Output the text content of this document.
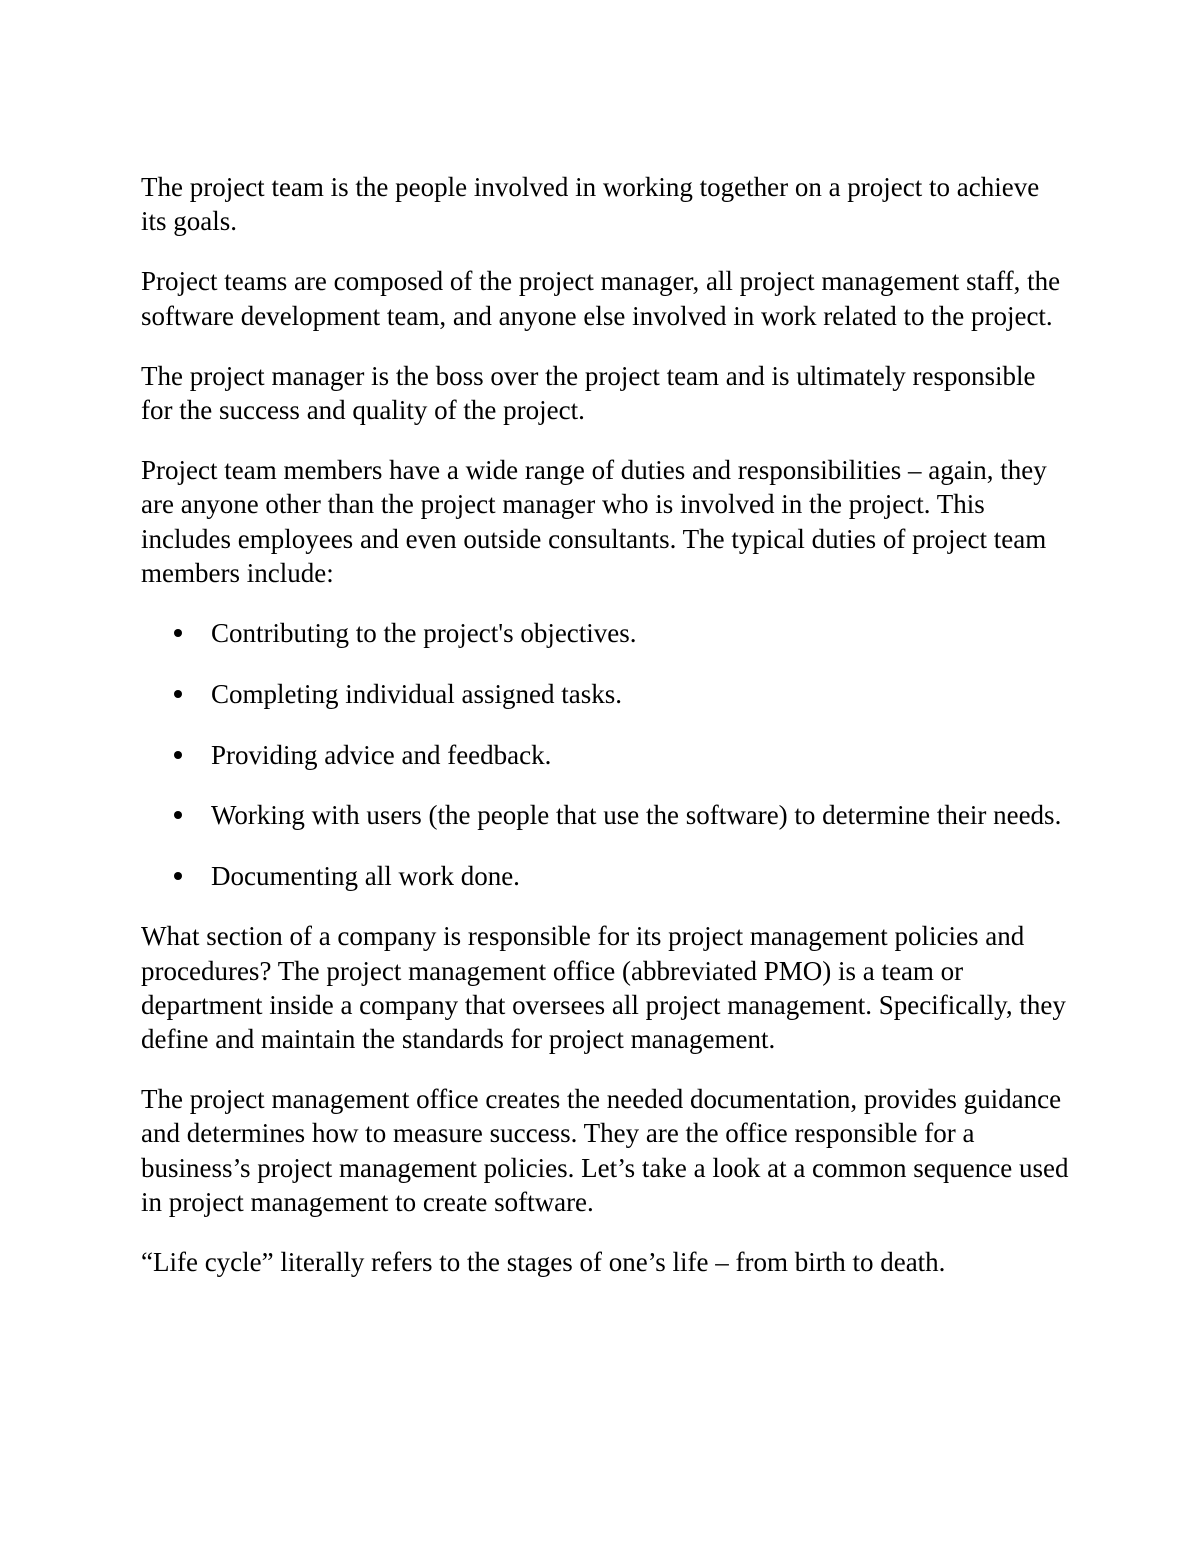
The project team is the people involved in working together on a project to achieve its goals.

Project teams are composed of the project manager, all project management staff, the software development team, and anyone else involved in work related to the project.

The project manager is the boss over the project team and is ultimately responsible for the success and quality of the project.

Project team members have a wide range of duties and responsibilities – again, they are anyone other than the project manager who is involved in the project. This includes employees and even outside consultants. The typical duties of project team members include:

Contributing to the project's objectives.
Completing individual assigned tasks.
Providing advice and feedback.
Working with users (the people that use the software) to determine their needs.
Documenting all work done.

What section of a company is responsible for its project management policies and procedures? The project management office (abbreviated PMO) is a team or department inside a company that oversees all project management. Specifically, they define and maintain the standards for project management.

The project management office creates the needed documentation, provides guidance and determines how to measure success. They are the office responsible for a business’s project management policies. Let’s take a look at a common sequence used in project management to create software.

“Life cycle” literally refers to the stages of one’s life – from birth to death.
